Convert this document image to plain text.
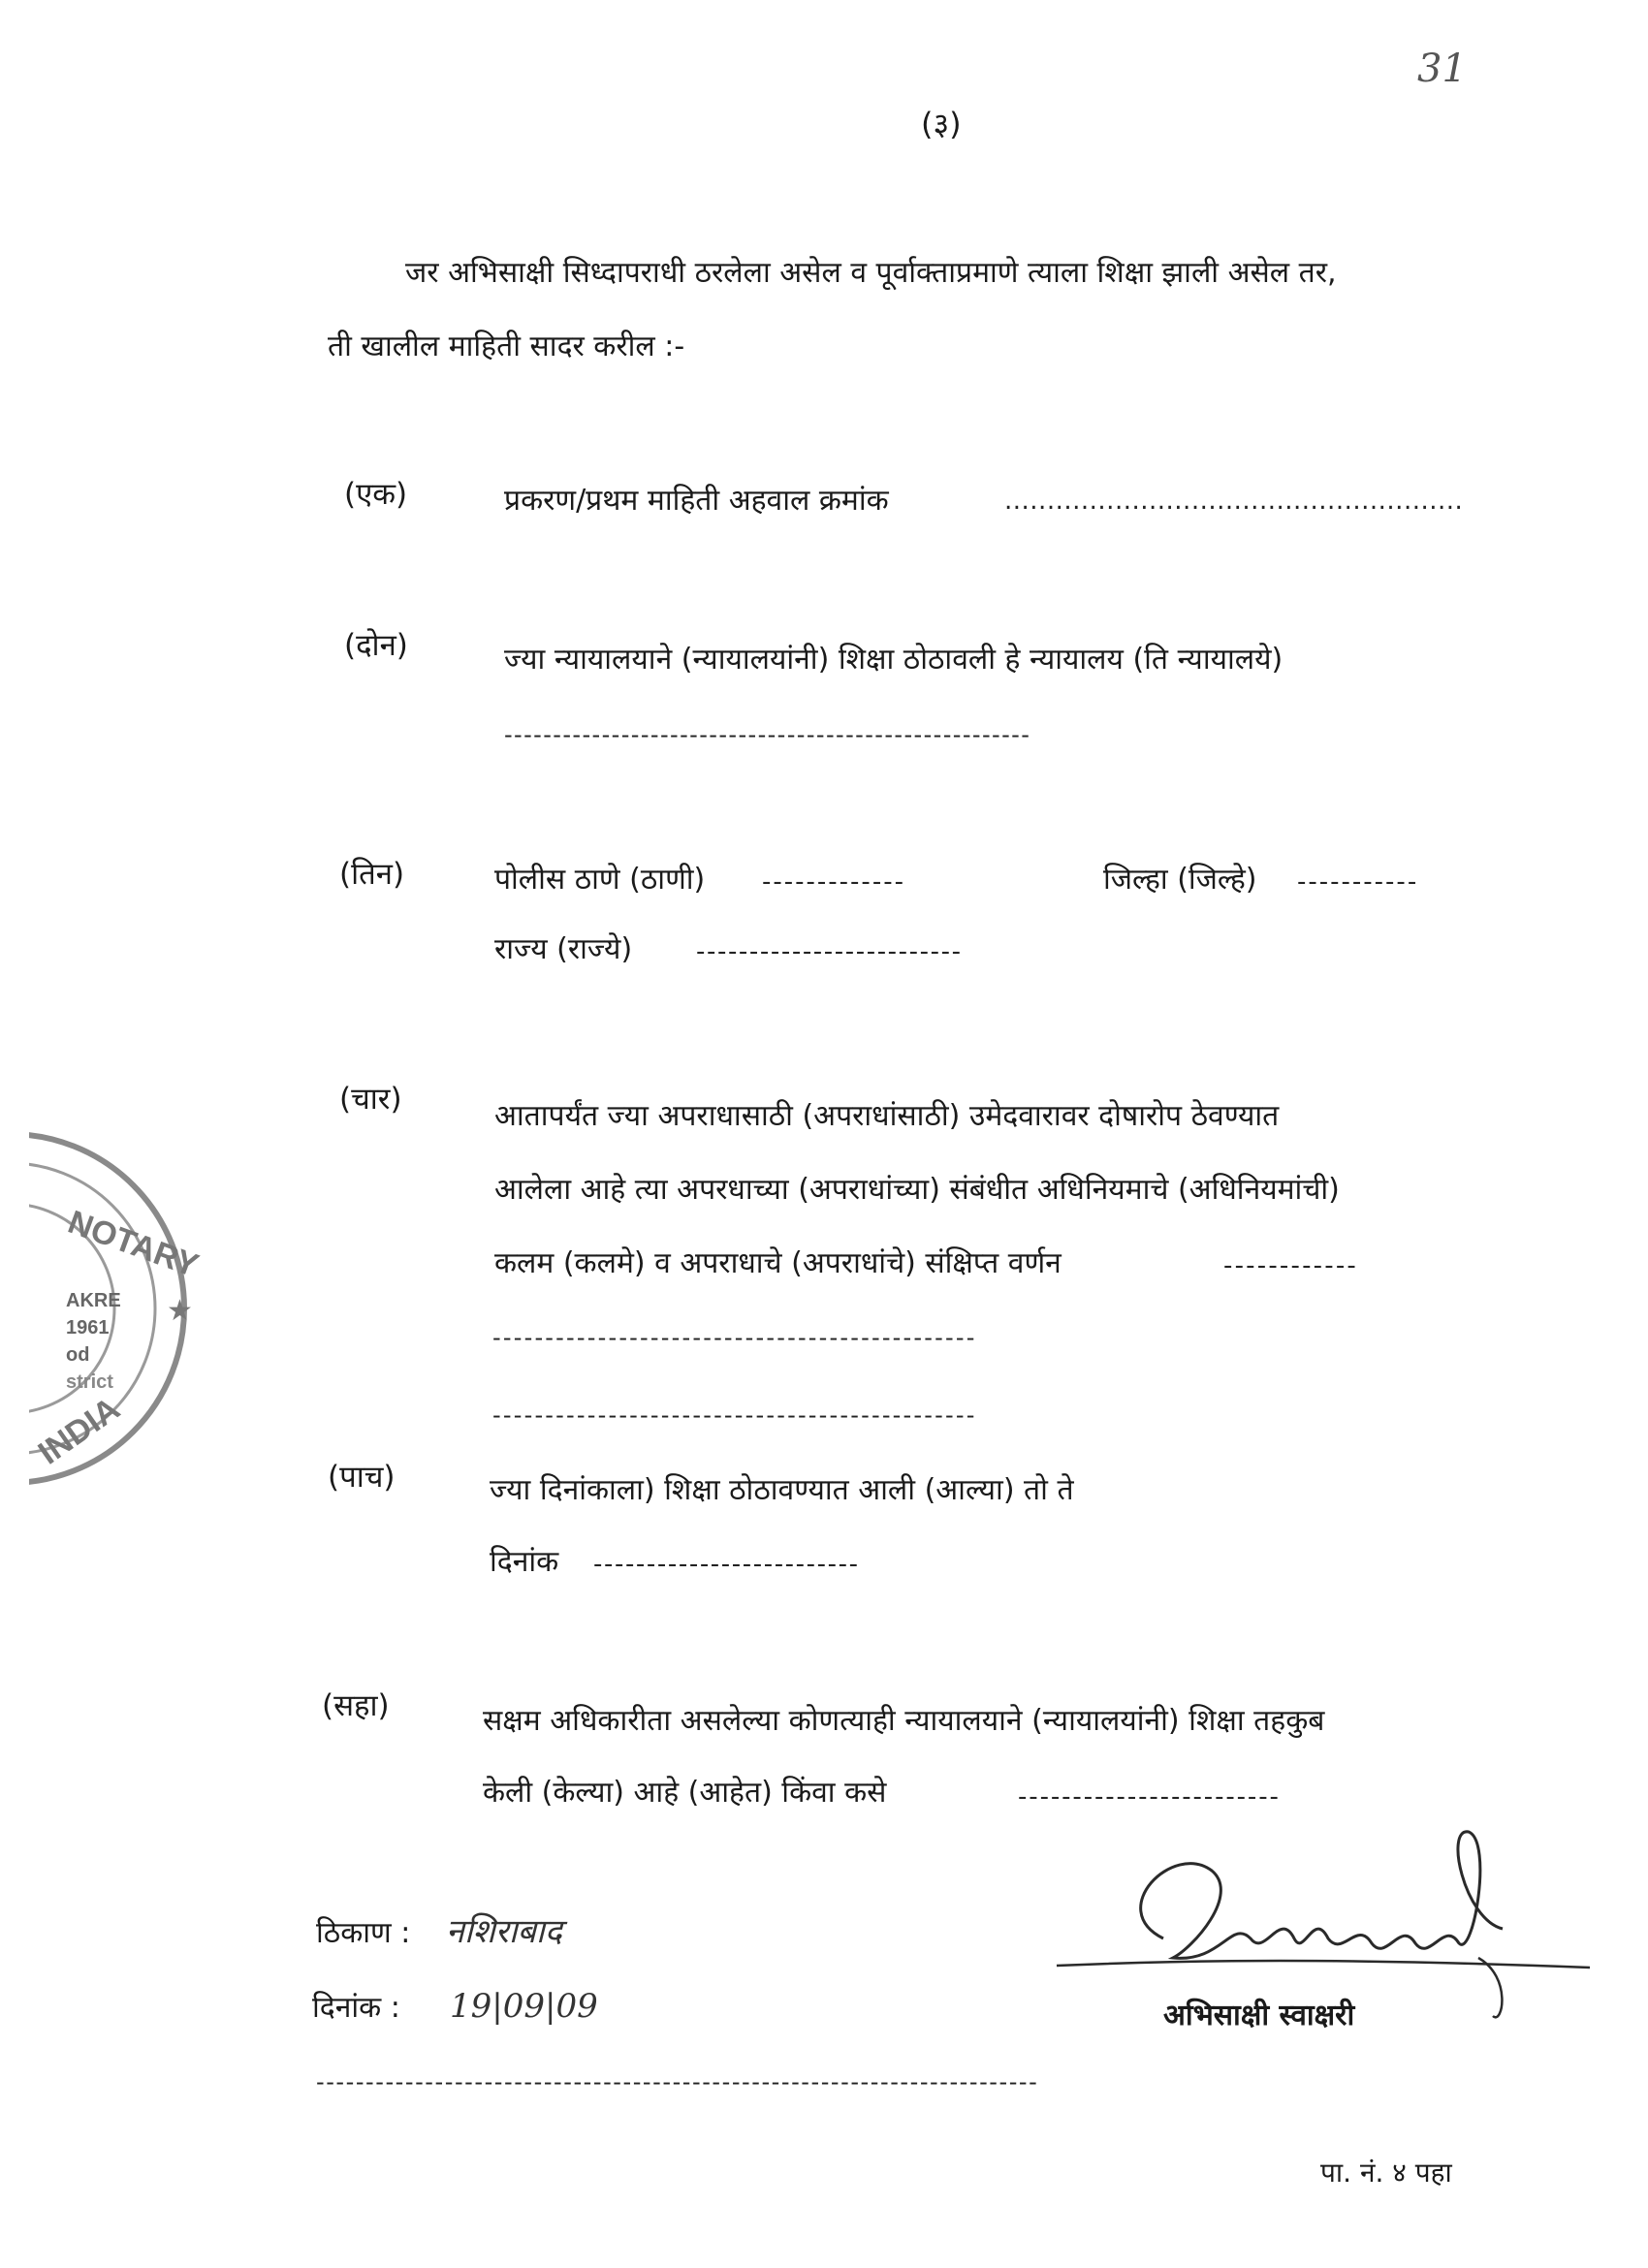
31
(३)
जर अभिसाक्षी सिध्दापराधी ठरलेला असेल व पूर्वाक्ताप्रमाणे त्याला शिक्षा झाली असेल तर,
ती खालील माहिती सादर करील :-
(एक)	प्रकरण/प्रथम माहिती अहवाल क्रमांक	......................................................
(दोन)	ज्या न्यायालयाने (न्यायालयांनी) शिक्षा ठोठावली हे न्यायालय (ति न्यायालये)
------------------------------------------------------
(तिन)	पोलीस ठाणे (ठाणी) -------------	जिल्हा (जिल्हे) -----------
राज्य (राज्ये)	-------------------------
(चार)	आतापर्यंत ज्या अपराधासाठी (अपराधांसाठी) उमेदवारावर दोषारोप ठेवण्यात
आलेला आहे त्या अपरधाच्या (अपराधांच्या) संबंधीत अधिनियमाचे (अधिनियमांची)
कलम (कलमे) व अपराधाचे (अपराधांचे) संक्षिप्त वर्णन	------------
----------------------------------------------
----------------------------------------------
(पाच)	ज्या दिनांकाला) शिक्षा ठोठावण्यात आली (आल्या) तो ते
दिनांक -------------------------
(सहा)	सक्षम अधिकारीता असलेल्या कोणत्याही न्यायालयाने (न्यायालयांनी) शिक्षा तहकुब
केली (केल्या) आहे (आहेत) किंवा कसे	------------------------
ठिकाण : नशिराबाद
दिनांक : 19|09|09	अभिसाक्षी स्वाक्षरी
-------------------------------------------------------------------------
पा. नं. ४ पहा
NOTARY
AKRE
1961
od
strict
INDIA
★
